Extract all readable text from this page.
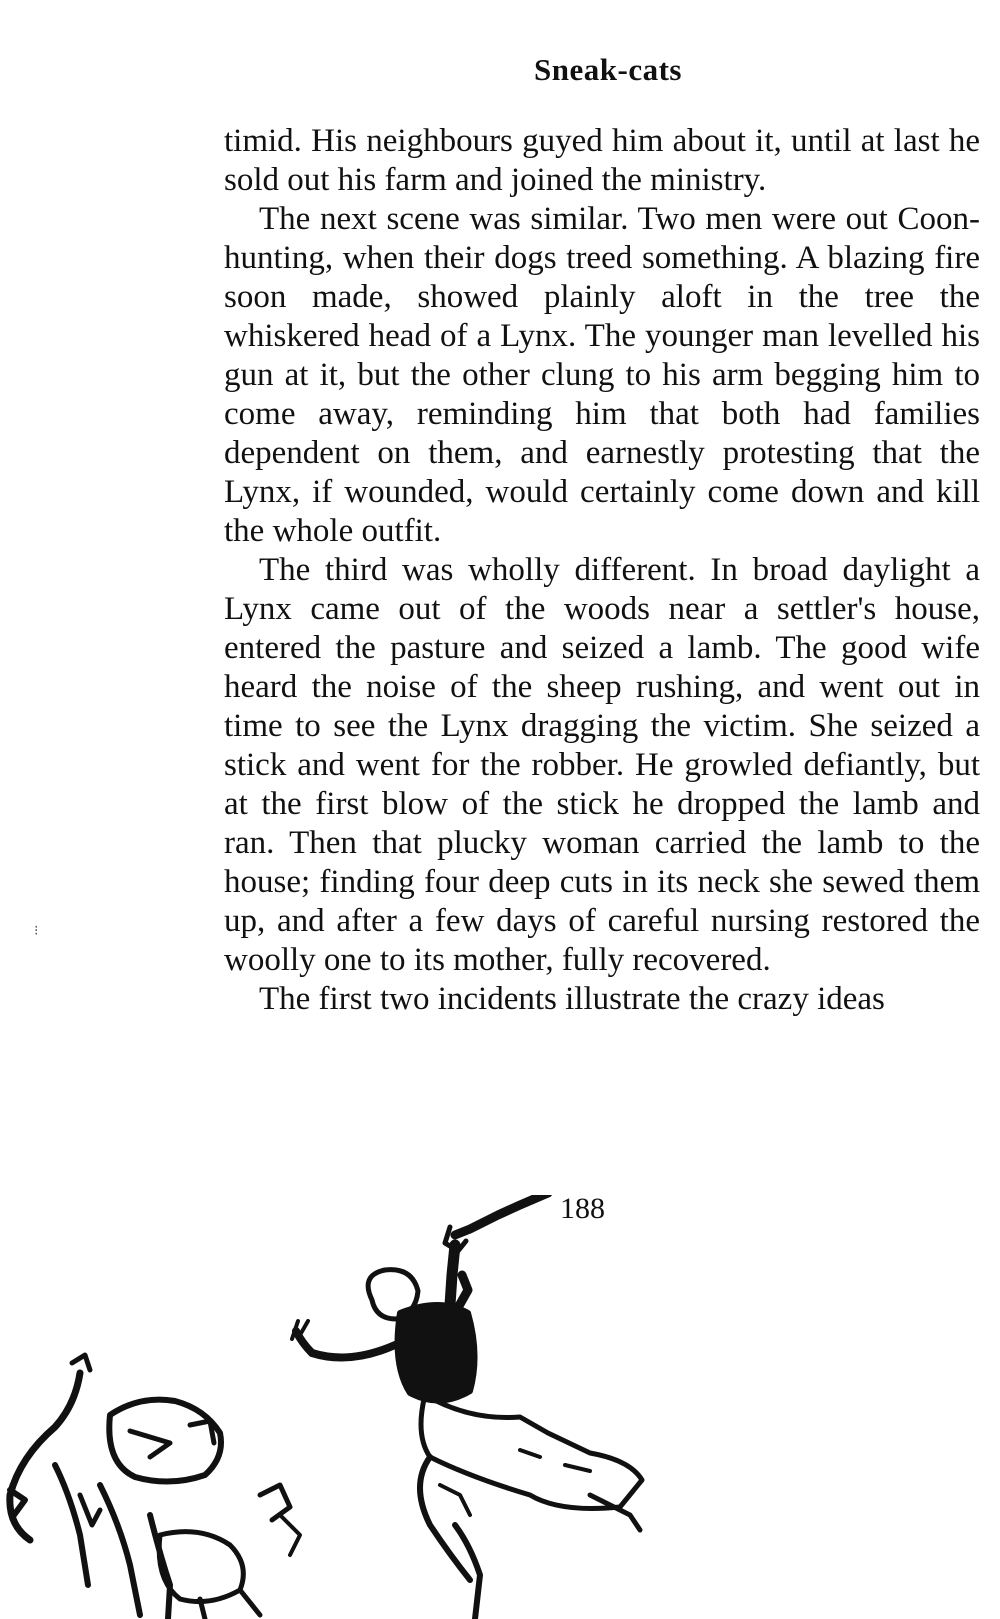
Sneak-cats

timid. His neighbours guyed him about it, until at last he sold out his farm and joined the ministry.

The next scene was similar. Two men were out Coon-hunting, when their dogs treed something. A blazing fire soon made, showed plainly aloft in the tree the whiskered head of a Lynx. The younger man levelled his gun at it, but the other clung to his arm begging him to come away, reminding him that both had families dependent on them, and earnestly protesting that the Lynx, if wounded, would certainly come down and kill the whole outfit.

The third was wholly different. In broad daylight a Lynx came out of the woods near a settler's house, entered the pasture and seized a lamb. The good wife heard the noise of the sheep rushing, and went out in time to see the Lynx dragging the victim. She seized a stick and went for the robber. He growled defiantly, but at the first blow of the stick he dropped the lamb and ran. Then that plucky woman carried the lamb to the house; finding four deep cuts in its neck she sewed them up, and after a few days of careful nursing restored the woolly one to its mother, fully recovered.

The first two incidents illustrate the crazy ideas

188
⁝
